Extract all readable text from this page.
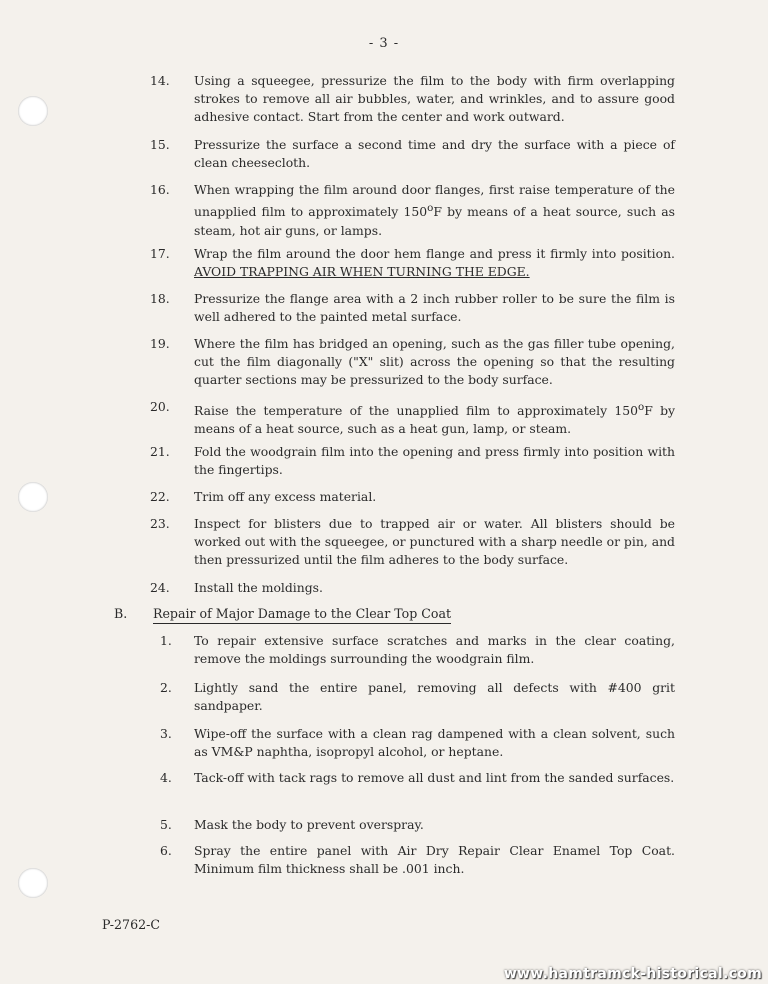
- 3 -
14. Using a squeegee, pressurize the film to the body with firm overlapping strokes to remove all air bubbles, water, and wrinkles, and to assure good adhesive contact. Start from the center and work outward.
15. Pressurize the surface a second time and dry the surface with a piece of clean cheesecloth.
16. When wrapping the film around door flanges, first raise temperature of the unapplied film to approximately 150$^o$F by means of a heat source, such as steam, hot air guns, or lamps.
17. Wrap the film around the door hem flange and press it firmly into position. AVOID TRAPPING AIR WHEN TURNING THE EDGE.
18. Pressurize the flange area with a 2 inch rubber roller to be sure the film is well adhered to the painted metal surface.
19. Where the film has bridged an opening, such as the gas filler tube opening, cut the film diagonally ("X" slit) across the opening so that the resulting quarter sections may be pressurized to the body surface.
20. Raise the temperature of the unapplied film to approximately 150$^o$F by means of a heat source, such as a heat gun, lamp, or steam.
21. Fold the woodgrain film into the opening and press firmly into position with the fingertips.
22. Trim off any excess material.
23. Inspect for blisters due to trapped air or water. All blisters should be worked out with the squeegee, or punctured with a sharp needle or pin, and then pressurized until the film adheres to the body surface.
24. Install the moldings.
B. Repair of Major Damage to the Clear Top Coat
1. To repair extensive surface scratches and marks in the clear coating, remove the moldings surrounding the woodgrain film.
2. Lightly sand the entire panel, removing all defects with #400 grit sandpaper.
3. Wipe-off the surface with a clean rag dampened with a clean solvent, such as VM&P naphtha, isopropyl alcohol, or heptane.
4. Tack-off with tack rags to remove all dust and lint from the sanded surfaces.
5. Mask the body to prevent overspray.
6. Spray the entire panel with Air Dry Repair Clear Enamel Top Coat. Minimum film thickness shall be .001 inch.
P-2762-C
www.hamtramck-historical.com
